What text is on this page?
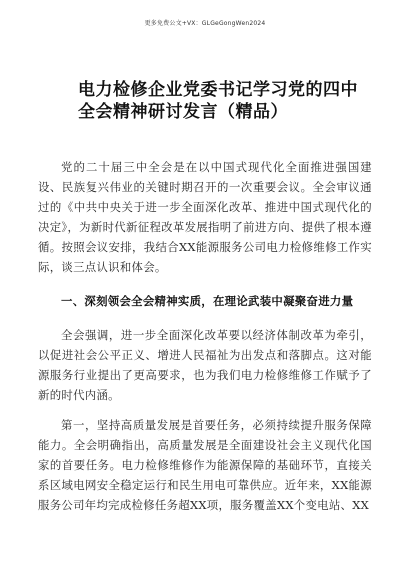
更多免费公文+VX：GLGeGongWen2024
电力检修企业党委书记学习党的四中
全会精神研讨发言（精品）

党的二十届三中全会是在以中国式现代化全面推进强国建设、民族复兴伟业的关键时期召开的一次重要会议。全会审议通过的《中共中央关于进一步全面深化改革、推进中国式现代化的决定》，为新时代新征程改革发展指明了前进方向、提供了根本遵循。按照会议安排，我结合XX能源服务公司电力检修维修工作实际，谈三点认识和体会。

一、深刻领会全会精神实质，在理论武装中凝聚奋进力量

全会强调，进一步全面深化改革要以经济体制改革为牵引，以促进社会公平正义、增进人民福祉为出发点和落脚点。这对能源服务行业提出了更高要求，也为我们电力检修维修工作赋予了新的时代内涵。

第一，坚持高质量发展是首要任务，必须持续提升服务保障能力。全会明确指出，高质量发展是全面建设社会主义现代化国家的首要任务。电力检修维修作为能源保障的基础环节，直接关系区域电网安全稳定运行和民生用电可靠供应。近年来，XX能源服务公司年均完成检修任务超XX项，服务覆盖XX个变电站、XX
